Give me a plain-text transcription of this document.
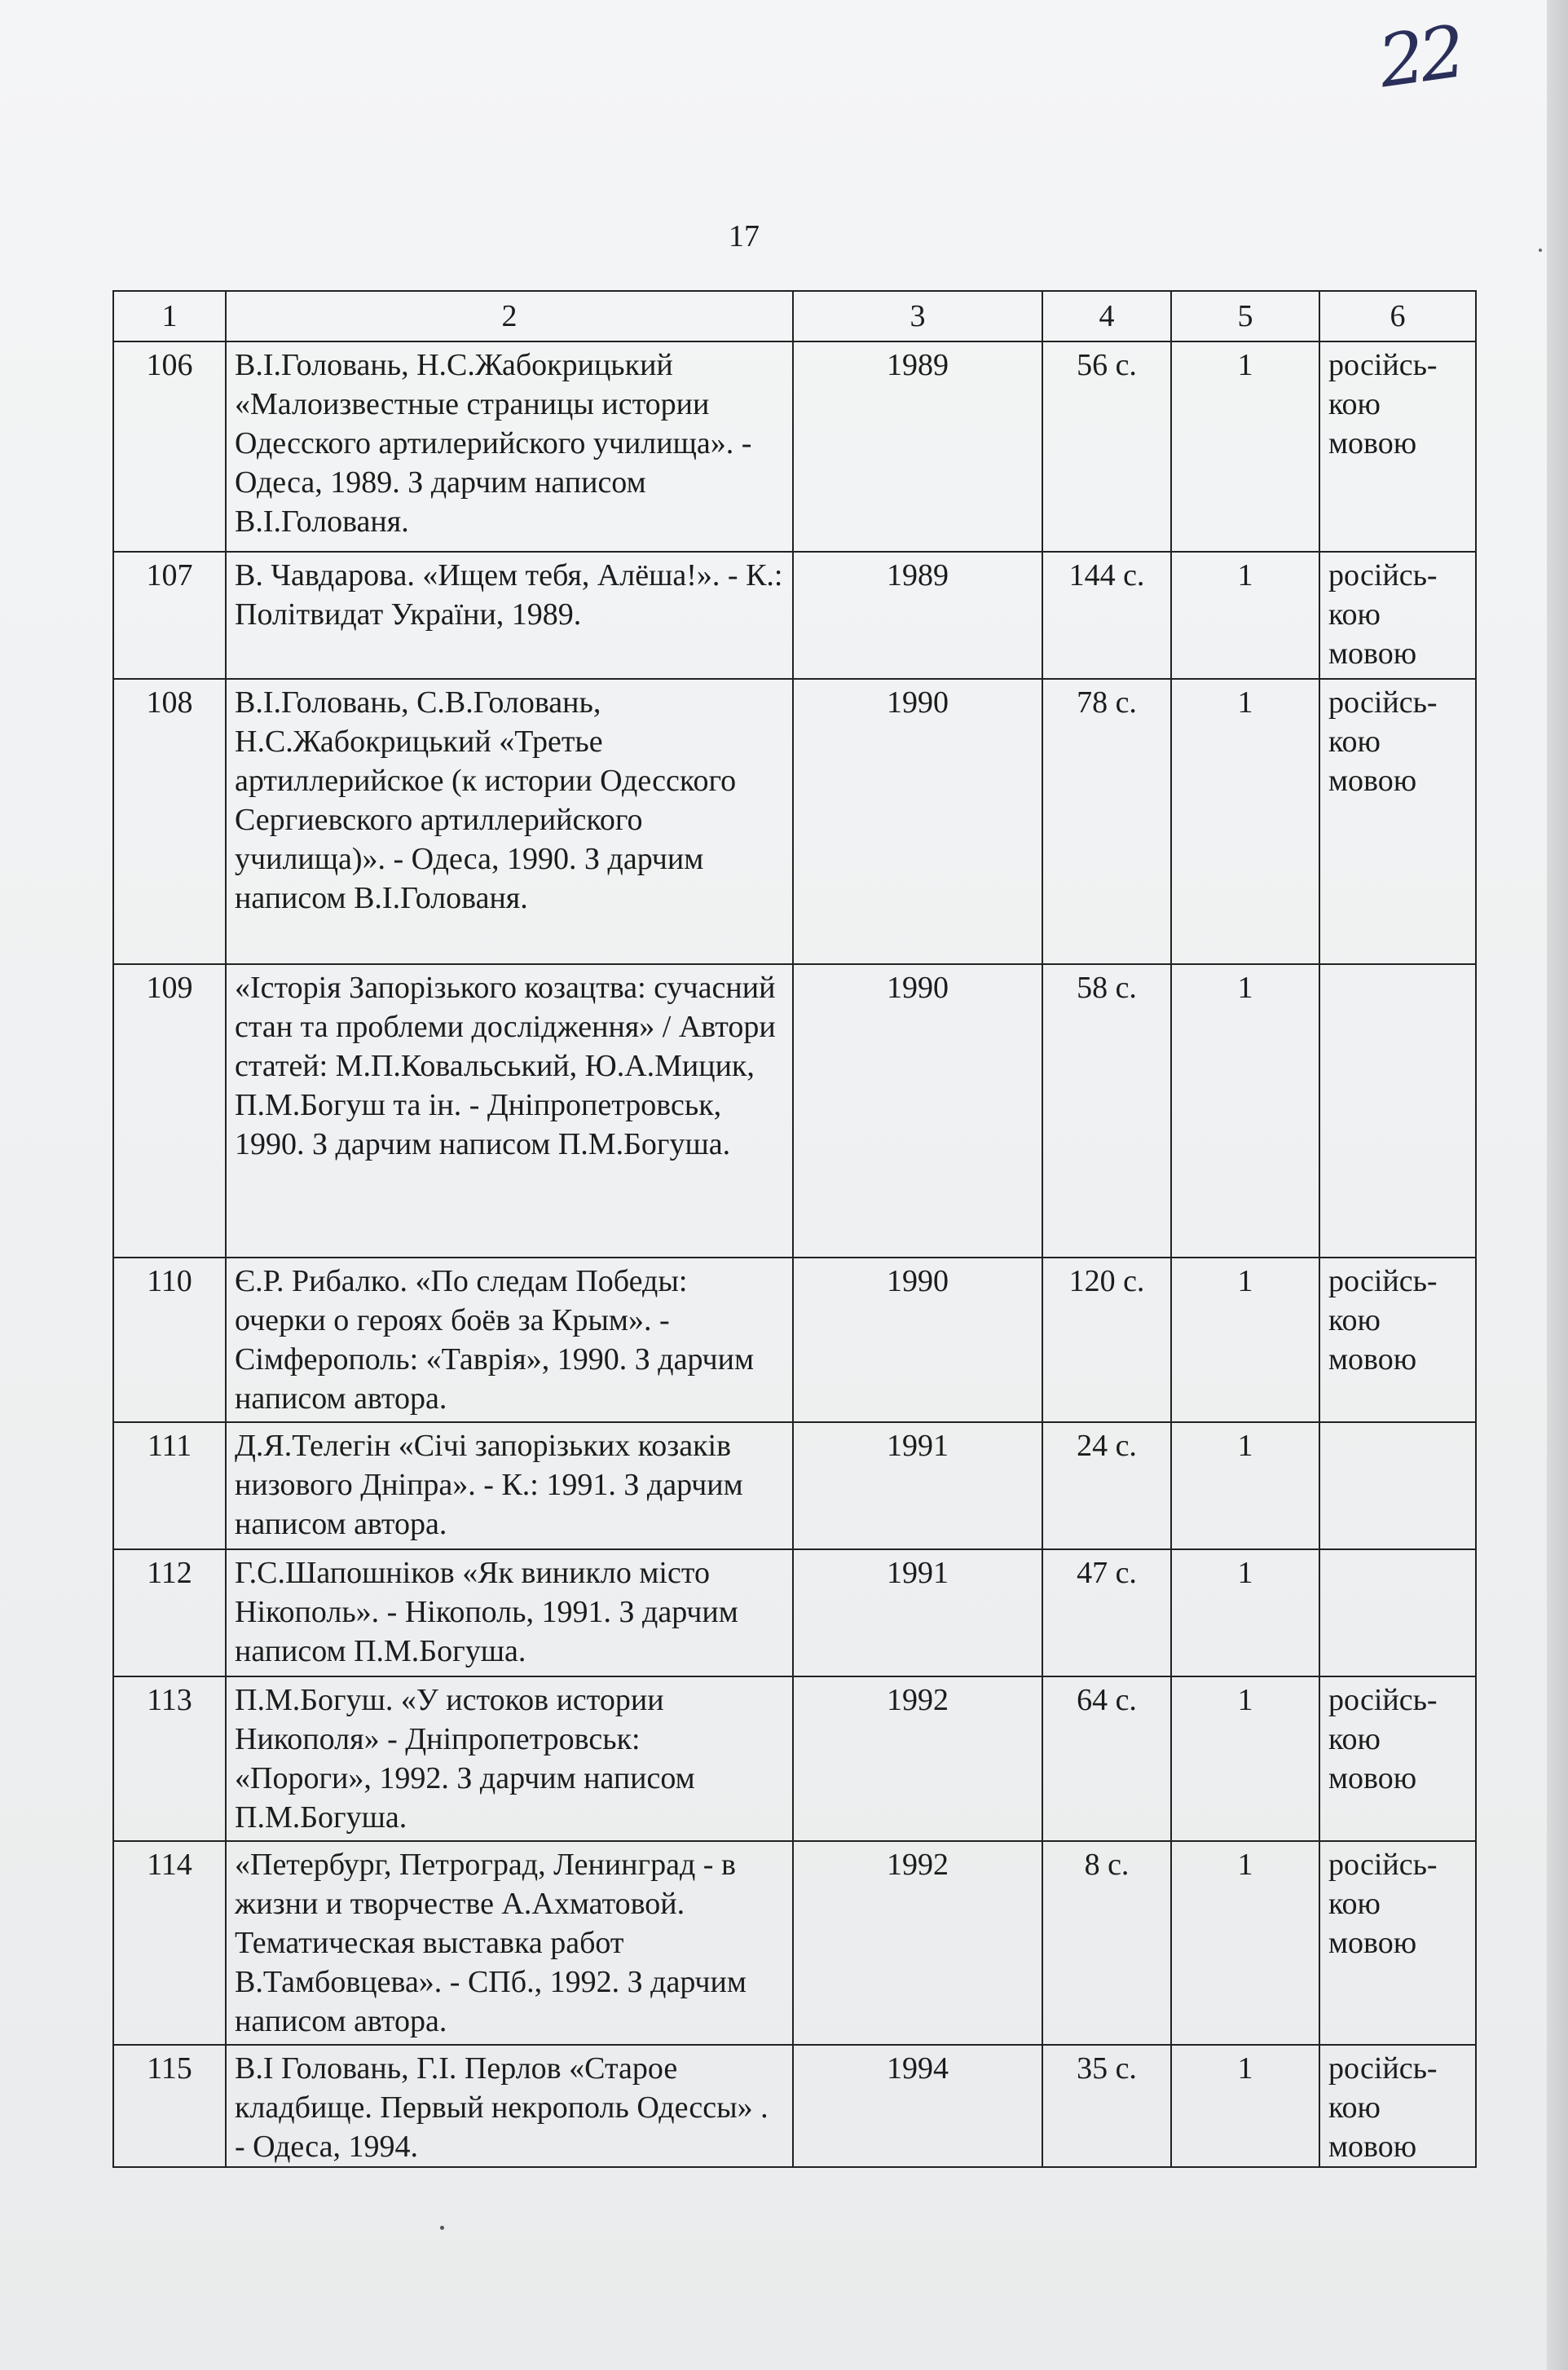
22
17
1	2	3	4	5	6
106	В.І.Головань, Н.С.Жабокрицький «Малоизвестные страницы истории Одесского артилерийского училища». - Одеса, 1989. З дарчим написом В.І.Голованя.	1989	56 с.	1	російсь-кою мовою
107	В. Чавдарова. «Ищем тебя, Алёша!». - К.: Політвидат України, 1989.	1989	144 с.	1	російсь-кою мовою
108	В.І.Головань, С.В.Головань, Н.С.Жабокрицький «Третье артиллерийское (к истории Одесского Сергиевского артиллерийского училища)». - Одеса, 1990. З дарчим написом В.І.Голованя.	1990	78 с.	1	російсь-кою мовою
109	«Історія Запорізького козацтва: сучасний стан та проблеми дослідження» / Автори статей: М.П.Ковальський, Ю.А.Мицик, П.М.Богуш та ін. - Дніпропетровськ, 1990. З дарчим написом П.М.Богуша.	1990	58 с.	1	
110	Є.Р. Рибалко. «По следам Победы: очерки о героях боёв за Крым». - Сімферополь: «Таврія», 1990. З дарчим написом автора.	1990	120 с.	1	російсь-кою мовою
111	Д.Я.Телегін «Січі запорізьких козаків низового Дніпра». - К.: 1991. З дарчим написом автора.	1991	24 с.	1	
112	Г.С.Шапошніков «Як виникло місто Нікополь». - Нікополь, 1991. З дарчим написом П.М.Богуша.	1991	47 с.	1	
113	П.М.Богуш. «У истоков истории Никополя» - Дніпропетровськ: «Пороги», 1992. З дарчим написом П.М.Богуша.	1992	64 с.	1	російсь-кою мовою
114	«Петербург, Петроград, Ленинград - в жизни и творчестве А.Ахматовой. Тематическая выставка работ В.Тамбовцева». - СПб., 1992. З дарчим написом автора.	1992	8 с.	1	російсь-кою мовою
115	В.І Головань, Г.І. Перлов «Старое кладбище. Первый некрополь Одессы» . - Одеса, 1994.	1994	35 с.	1	російсь-кою мовою
